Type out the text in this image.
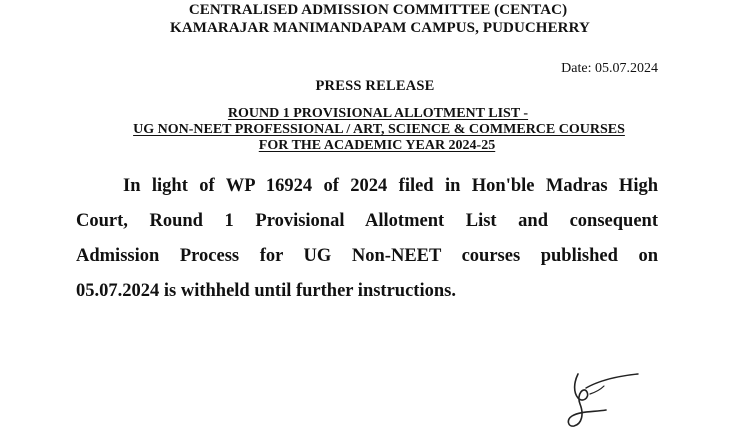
CENTRALISED ADMISSION COMMITTEE (CENTAC)
KAMARAJAR MANIMANDAPAM CAMPUS, PUDUCHERRY
Date: 05.07.2024
PRESS RELEASE
ROUND 1 PROVISIONAL ALLOTMENT LIST -
UG NON-NEET PROFESSIONAL / ART, SCIENCE & COMMERCE COURSES
FOR THE ACADEMIC YEAR 2024-25
In light of WP 16924 of 2024 filed in Hon'ble Madras High
Court, Round 1 Provisional Allotment List and consequent
Admission Process for UG Non-NEET courses published on
05.07.2024 is withheld until further instructions.
